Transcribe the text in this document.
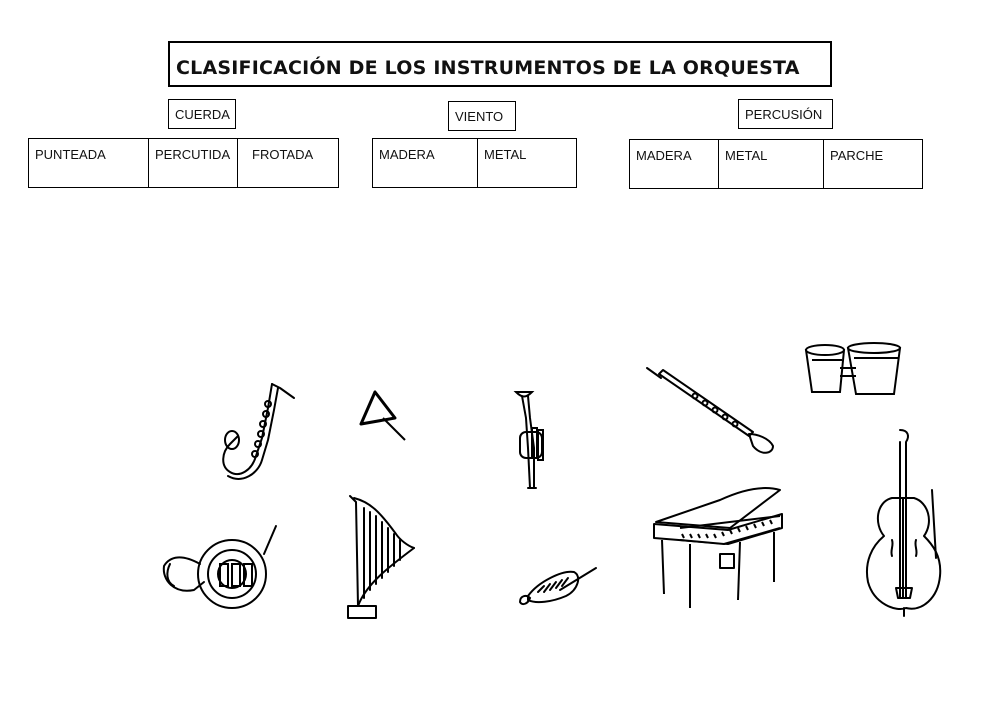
CLASIFICACIÓN DE LOS INSTRUMENTOS DE LA ORQUESTA
CUERDA
PUNTEADA	PERCUTIDA	FROTADA
VIENTO
MADERA	METAL
PERCUSIÓN
MADERA	METAL	PARCHE
